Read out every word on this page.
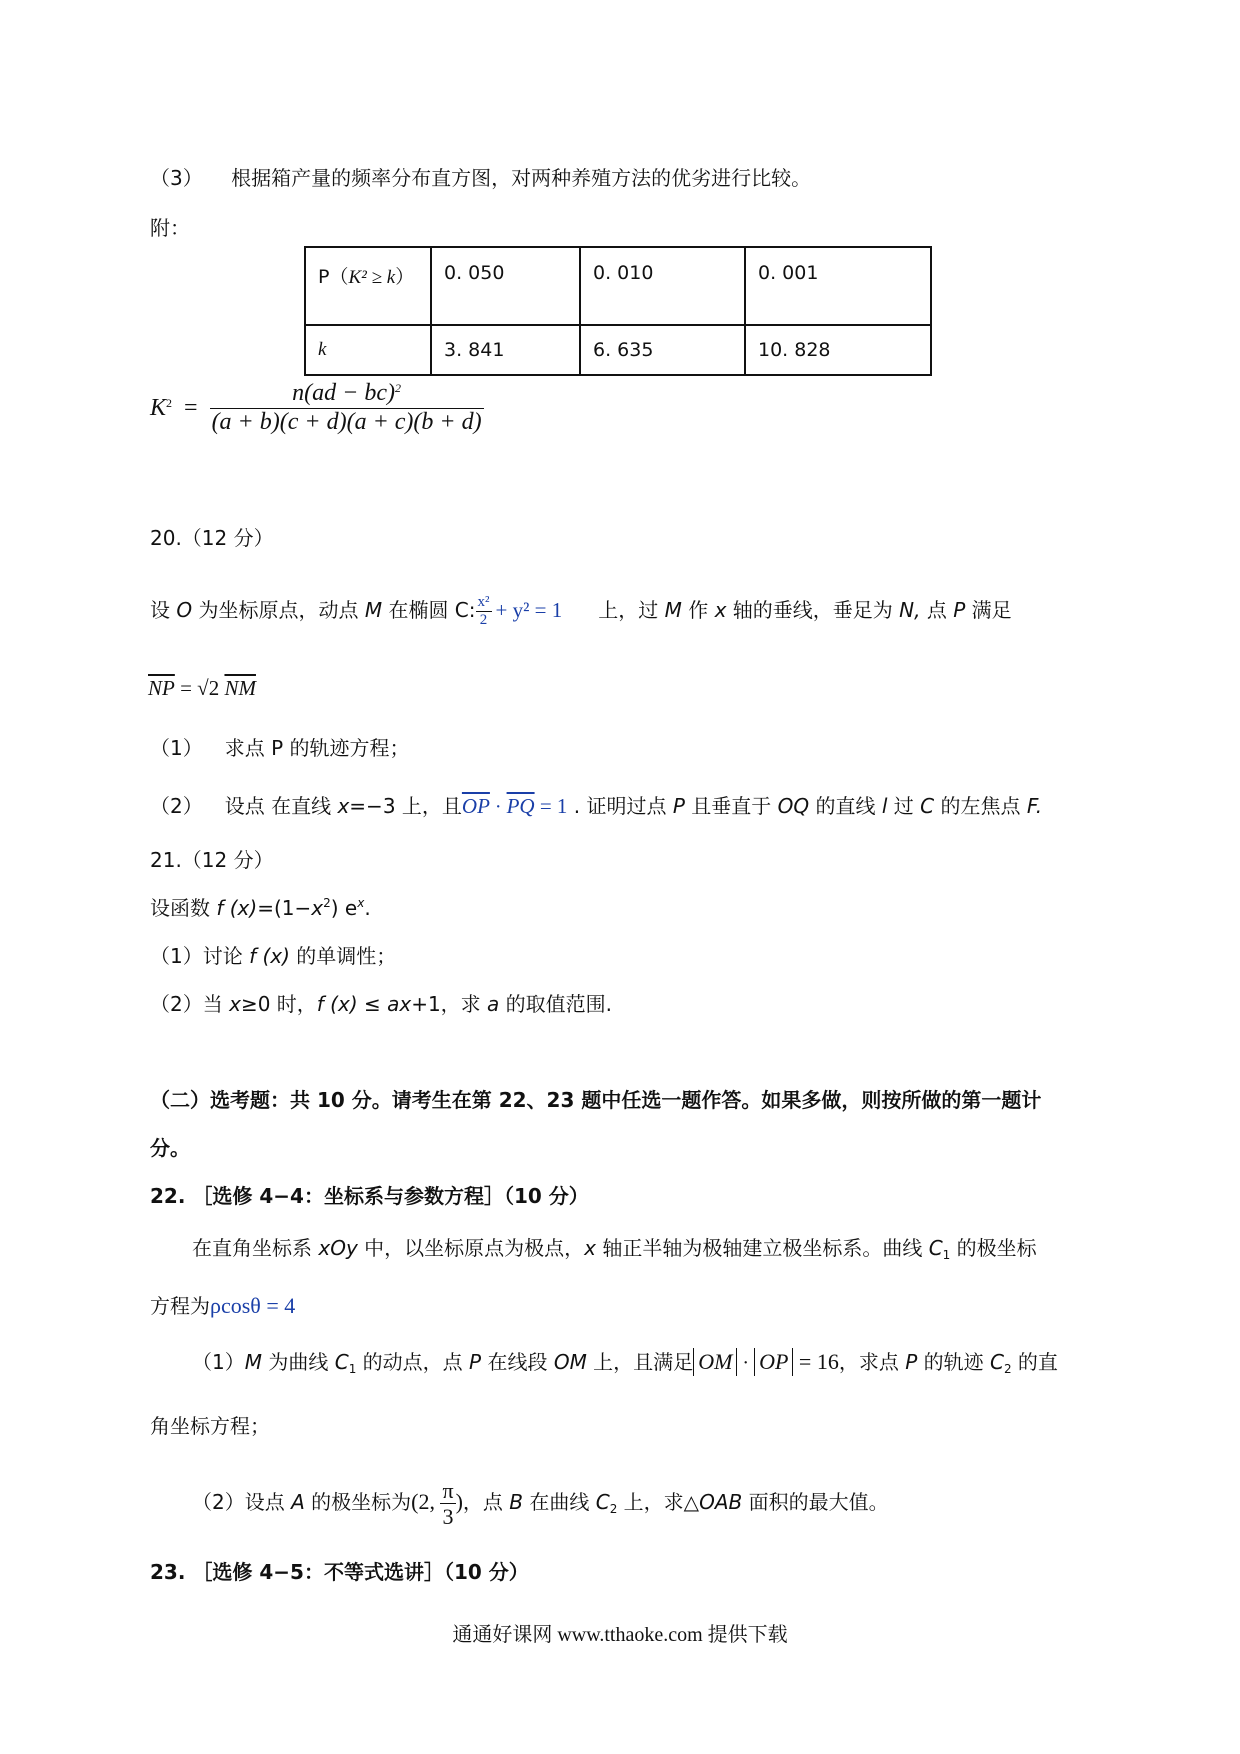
（3） 根据箱产量的频率分布直方图，对两种养殖方法的优劣进行比较。
附：
P（K² ≥ k）	0. 050	0. 010	0. 001
k	3. 841	6. 635	10. 828
$K^2 = \frac{n(ad - bc)^2}{(a + b)(c + d)(a + c)(b + d)}$
20.（12 分）
设 O 为坐标原点，动点 M 在椭圆 C: $\frac{\text{x²}}{2} + y^2 = 1$ 上，过 M 作 x 轴的垂线，垂足为 N, 点 P 满足
$\overline{NP} = √2$ $\overline{NM}$
（1） 求点 P 的轨迹方程；
（2） 设点 在直线 x=−3 上，且$\overline{OP} \cdot \overline{PQ} = 1$ . 证明过点 P 且垂直于 OQ 的直线 l 过 C 的左焦点 F.
21.（12 分）
设函数 f $(x)=(1-x^2)$ $e^x$.
（1）讨论 f (x) 的单调性；
（2）当 x≥0 时，f (x) ≤ ax+1，求 a 的取值范围.
（二）选考题：共 10 分。请考生在第 22、23 题中任选一题作答。如果多做，则按所做的第一题计
分。
22. ［选修 4−4：坐标系与参数方程］（10 分）
在直角坐标系 xOy 中，以坐标原点为极点，x 轴正半轴为极轴建立极坐标系。曲线 $C_1$ 的极坐标
方程为ρcosθ = 4
（1）M 为曲线 $C_1$ 的动点，点 P 在线段 OM 上，且满足 OM · OP = 16，求点 P 的轨迹 $C_2$ 的直
角坐标方程；
（2）设点 A 的极坐标为(2, $\frac{\pi}{3}$ )，点 B 在曲线 $C_2$ 上，求△OAB 面积的最大值。
23. ［选修 4−5：不等式选讲］（10 分）
通通好课网 www.tthaoke.com 提供下载
